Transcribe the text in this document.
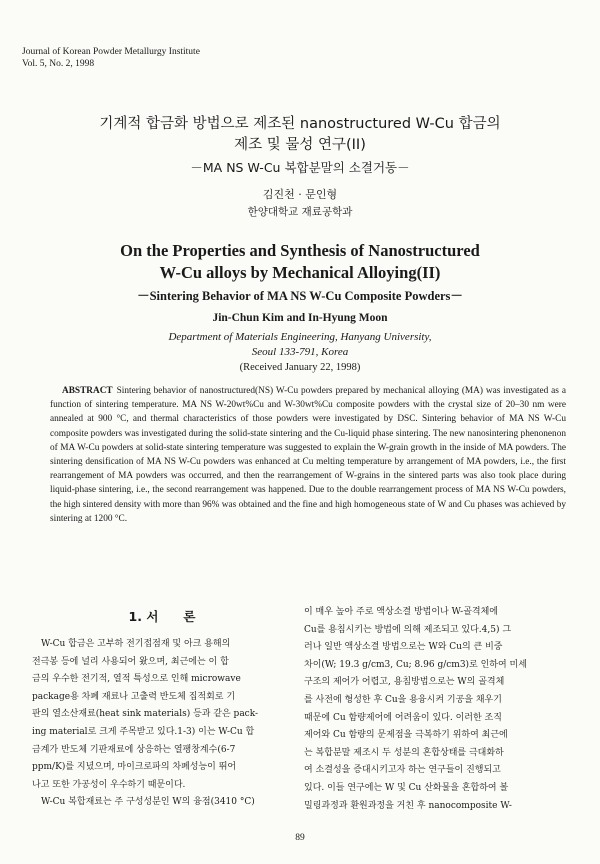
Journal of Korean Powder Metallurgy Institute
Vol. 5, No. 2, 1998
기계적 합금화 방법으로 제조된 nanostructured W-Cu 합금의
제조 및 물성 연구(II)
－MA NS W-Cu 복합분말의 소결거동－
김진천 · 문인형
한양대학교 재료공학과
On the Properties and Synthesis of Nanostructured
W-Cu alloys by Mechanical Alloying(II)
－Sintering Behavior of MA NS W-Cu Composite Powders－
Jin-Chun Kim and In-Hyung Moon
Department of Materials Engineering, Hanyang University,
Seoul 133-791, Korea
(Received January 22, 1998)
ABSTRACT Sintering behavior of nanostructured(NS) W-Cu powders prepared by mechanical alloying (MA) was investigated as a function of sintering temperature. MA NS W-20wt%Cu and W-30wt%Cu composite powders with the crystal size of 20–30 nm were annealed at 900 °C, and thermal characteristics of those powders were investigated by DSC. Sintering behavior of MA NS W-Cu composite powders was investigated during the solid-state sintering and the Cu-liquid phase sintering. The new nanosintering phenonenon of MA W-Cu powders at solid-state sintering temperature was suggested to explain the W-grain growth in the inside of MA powders. The sintering densification of MA NS W-Cu powders was enhanced at Cu melting temperature by arrangement of MA powders, i.e., the first rearrangement of MA powders was occurred, and then the rearrangement of W-grains in the sintered parts was also took place during liquid-phase sintering, i.e., the second rearrangement was happened. Due to the double rearrangement process of MA NS W-Cu powders, the high sintered density with more than 96% was obtained and the fine and high homogeneous state of W and Cu phases was achieved by sintering at 1200 °C.
1. 서　　론

W-Cu 합금은 고부하 전기접점재 및 아크 용해의

전극봉 등에 널리 사용되어 왔으며, 최근에는 이 합

금의 우수한 전기적, 열적 특성으로 인해 microwave

package용 차폐 재료나 고출력 반도체 집적회로 기

판의 열소산재료(heat sink materials) 등과 같은 pack-

ing material로 크게 주목받고 있다.1-3) 이는 W-Cu 합

금계가 반도체 기판재료에 상응하는 열팽창계수(6-7

ppm/K)를 지녔으며, 마이크로파의 차폐성능이 뛰어

나고 또한 가공성이 우수하기 때문이다.

W-Cu 복합재료는 주 구성성분인 W의 융점(3410 °C)

이 매우 높아 주로 액상소결 방법이나 W-골격체에

Cu를 용침시키는 방법에 의해 제조되고 있다.4,5) 그

러나 일반 액상소결 방법으로는 W와 Cu의 큰 비중

차이(W; 19.3 g/cm3, Cu; 8.96 g/cm3)로 인하여 미세

구조의 제어가 어렵고, 용침방법으로는 W의 골격체

를 사전에 형성한 후 Cu을 용융시켜 기공을 채우기

때문에 Cu 함량제어에 어려움이 있다. 이러한 조직

제어와 Cu 함량의 문제점을 극복하기 위하여 최근에

는 복합분말 제조시 두 성분의 혼합상태를 극대화하

여 소결성을 증대시키고자 하는 연구들이 진행되고

있다. 이들 연구에는 W 및 Cu 산화물을 혼합하여 볼

밀링과정과 환원과정을 거친 후 nanocomposite W-

89
